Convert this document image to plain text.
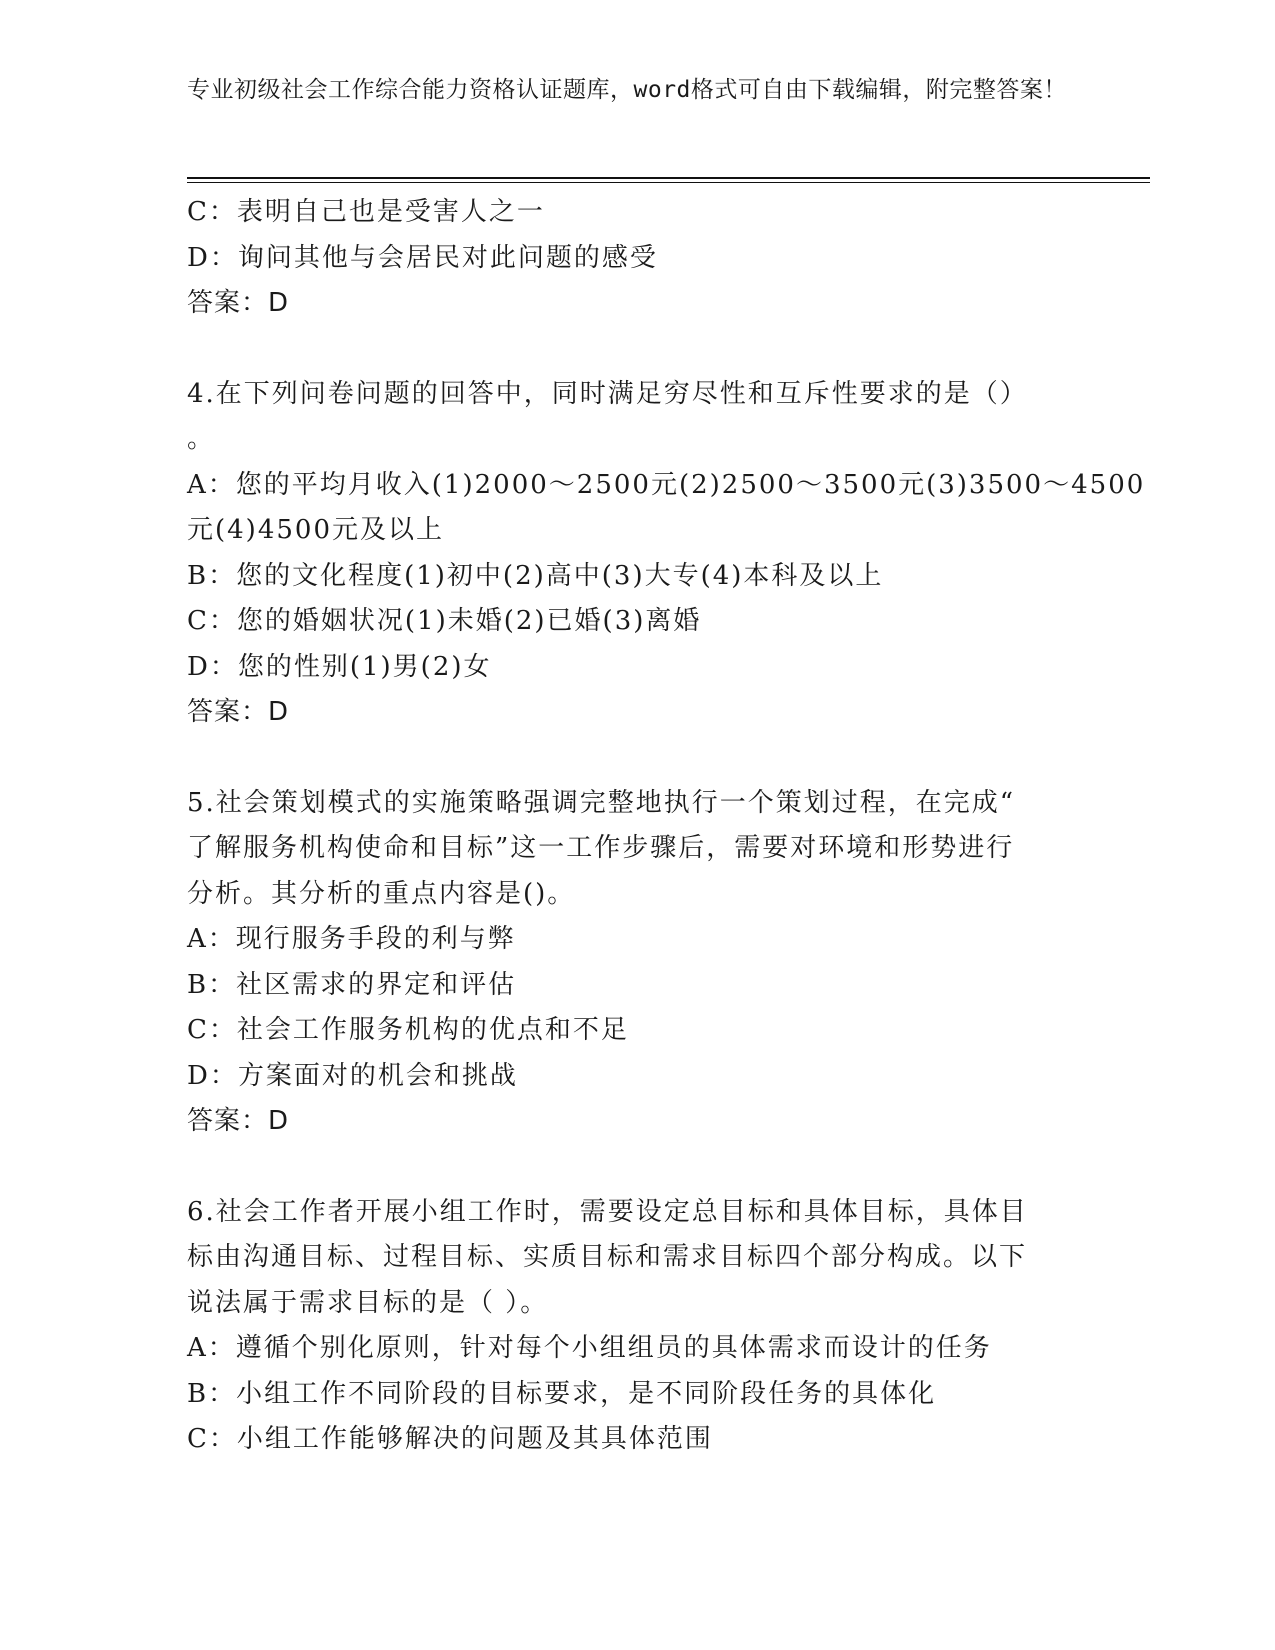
专业初级社会工作综合能力资格认证题库，word格式可自由下载编辑，附完整答案！
C：表明自己也是受害人之一
D：询问其他与会居民对此问题的感受
答案：D
4.在下列问卷问题的回答中，同时满足穷尽性和互斥性要求的是（）
。
A：您的平均月收入(1)2000～2500元(2)2500～3500元(3)3500～4500
元(4)4500元及以上
B：您的文化程度(1)初中(2)高中(3)大专(4)本科及以上
C：您的婚姻状况(1)未婚(2)已婚(3)离婚
D：您的性别(1)男(2)女
答案：D
5.社会策划模式的实施策略强调完整地执行一个策划过程，在完成“
了解服务机构使命和目标”这一工作步骤后，需要对环境和形势进行
分析。其分析的重点内容是()。
A：现行服务手段的利与弊
B：社区需求的界定和评估
C：社会工作服务机构的优点和不足
D：方案面对的机会和挑战
答案：D
6.社会工作者开展小组工作时，需要设定总目标和具体目标，具体目
标由沟通目标、过程目标、实质目标和需求目标四个部分构成。以下
说法属于需求目标的是（ ）。
A：遵循个别化原则，针对每个小组组员的具体需求而设计的任务
B：小组工作不同阶段的目标要求，是不同阶段任务的具体化
C：小组工作能够解决的问题及其具体范围
